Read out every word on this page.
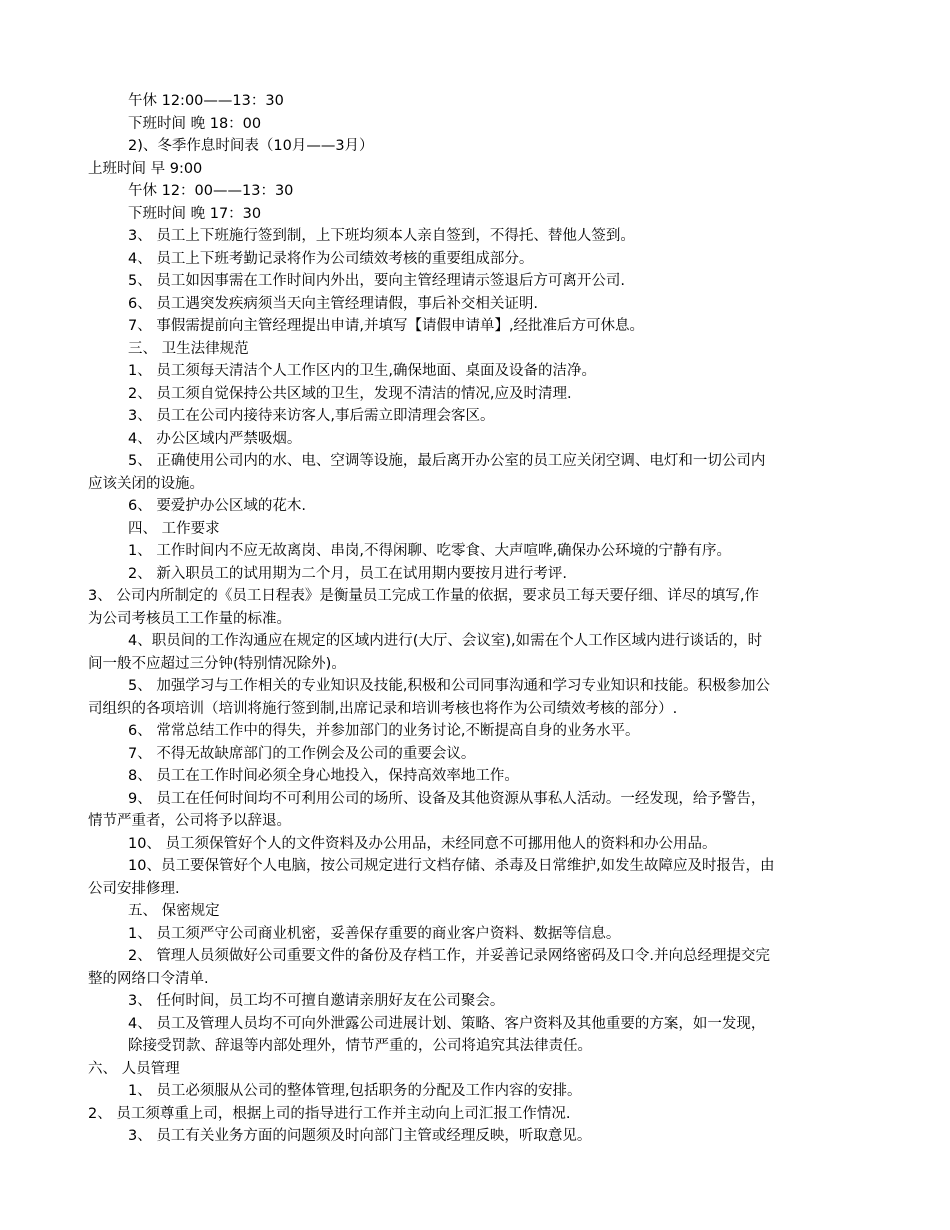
午休 12:00——13：30
下班时间 晚 18：00
2)、冬季作息时间表（10月——3月）
上班时间 早 9:00
午休 12：00——13：30
下班时间 晚 17：30
3、 员工上下班施行签到制，上下班均须本人亲自签到，不得托、替他人签到。
4、 员工上下班考勤记录将作为公司绩效考核的重要组成部分。
5、 员工如因事需在工作时间内外出，要向主管经理请示签退后方可离开公司.
6、 员工遇突发疾病须当天向主管经理请假，事后补交相关证明.
7、 事假需提前向主管经理提出申请,并填写【请假申请单】,经批准后方可休息。
三、 卫生法律规范
1、 员工须每天清洁个人工作区内的卫生,确保地面、桌面及设备的洁净。
2、 员工须自觉保持公共区域的卫生，发现不清洁的情况,应及时清理.
3、 员工在公司内接待来访客人,事后需立即清理会客区。
4、 办公区域内严禁吸烟。
5、 正确使用公司内的水、电、空调等设施，最后离开办公室的员工应关闭空调、电灯和一切公司内
应该关闭的设施。
6、 要爱护办公区域的花木.
四、 工作要求
1、 工作时间内不应无故离岗、串岗,不得闲聊、吃零食、大声喧哗,确保办公环境的宁静有序。
2、 新入职员工的试用期为二个月，员工在试用期内要按月进行考评.
3、 公司内所制定的《员工日程表》是衡量员工完成工作量的依据，要求员工每天要仔细、详尽的填写,作
为公司考核员工工作量的标准。
4、职员间的工作沟通应在规定的区域内进行(大厅、会议室),如需在个人工作区域内进行谈话的，时
间一般不应超过三分钟(特别情况除外)。
5、 加强学习与工作相关的专业知识及技能,积极和公司同事沟通和学习专业知识和技能。积极参加公
司组织的各项培训（培训将施行签到制,出席记录和培训考核也将作为公司绩效考核的部分）.
6、 常常总结工作中的得失，并参加部门的业务讨论,不断提高自身的业务水平。
7、 不得无故缺席部门的工作例会及公司的重要会议。
8、 员工在工作时间必须全身心地投入，保持高效率地工作。
9、 员工在任何时间均不可利用公司的场所、设备及其他资源从事私人活动。一经发现，给予警告，
情节严重者，公司将予以辞退。
10、 员工须保管好个人的文件资料及办公用品，未经同意不可挪用他人的资料和办公用品。
10、员工要保管好个人电脑，按公司规定进行文档存储、杀毒及日常维护,如发生故障应及时报告，由
公司安排修理.
五、 保密规定
1、 员工须严守公司商业机密，妥善保存重要的商业客户资料、数据等信息。
2、 管理人员须做好公司重要文件的备份及存档工作，并妥善记录网络密码及口令.并向总经理提交完
整的网络口令清单.
3、 任何时间，员工均不可擅自邀请亲朋好友在公司聚会。
4、 员工及管理人员均不可向外泄露公司进展计划、策略、客户资料及其他重要的方案，如一发现，
除接受罚款、辞退等内部处理外，情节严重的，公司将追究其法律责任。
六、 人员管理
1、 员工必须服从公司的整体管理,包括职务的分配及工作内容的安排。
2、 员工须尊重上司，根据上司的指导进行工作并主动向上司汇报工作情况.
3、 员工有关业务方面的问题须及时向部门主管或经理反映，听取意见。
